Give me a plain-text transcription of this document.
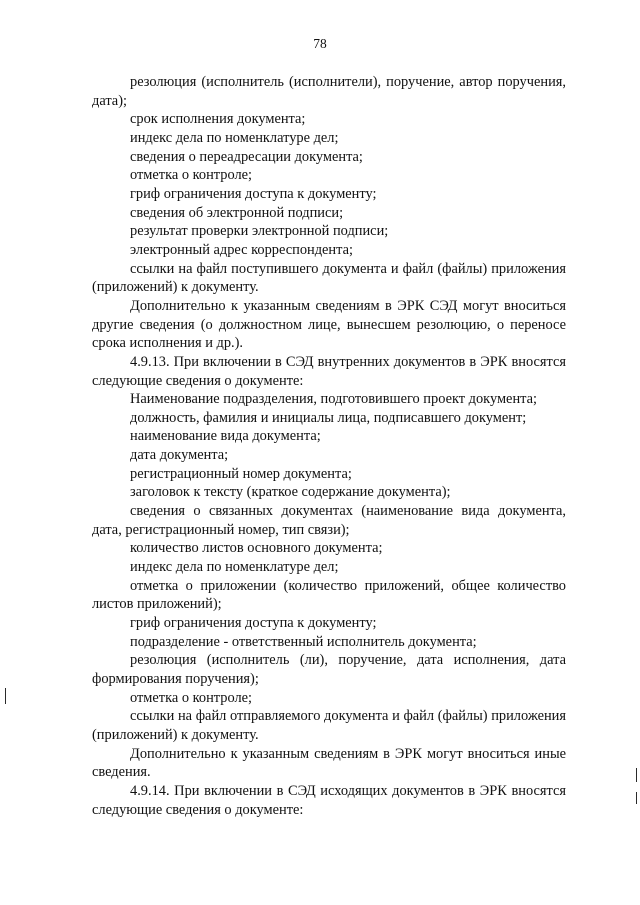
78

резолюция (исполнитель (исполнители), поручение, автор поручения, дата);

срок исполнения документа;

индекс дела по номенклатуре дел;

сведения о переадресации документа;

отметка о контроле;

гриф ограничения доступа к документу;

сведения об электронной подписи;

результат проверки электронной подписи;

электронный адрес корреспондента;

ссылки на файл поступившего документа и файл (файлы) приложения (приложений) к документу.

Дополнительно к указанным сведениям в ЭРК СЭД могут вноситься другие сведения (о должностном лице, вынесшем резолюцию, о переносе срока исполнения и др.).

4.9.13. При включении в СЭД внутренних документов в ЭРК вносятся следующие сведения о документе:

Наименование подразделения, подготовившего проект документа;

должность, фамилия и инициалы лица, подписавшего документ;

наименование вида документа;

дата документа;

регистрационный номер документа;

заголовок к тексту (краткое содержание документа);

сведения о связанных документах (наименование вида документа, дата, регистрационный номер, тип связи);

количество листов основного документа;

индекс дела по номенклатуре дел;

отметка о приложении (количество приложений, общее количество листов приложений);

гриф ограничения доступа к документу;

подразделение - ответственный исполнитель документа;

резолюция (исполнитель (ли), поручение, дата исполнения, дата формирования поручения);

отметка о контроле;

ссылки на файл отправляемого документа и файл (файлы) приложения (приложений) к документу.

Дополнительно к указанным сведениям в ЭРК могут вноситься иные сведения.

4.9.14. При включении в СЭД исходящих документов в ЭРК вносятся следующие сведения о документе:
